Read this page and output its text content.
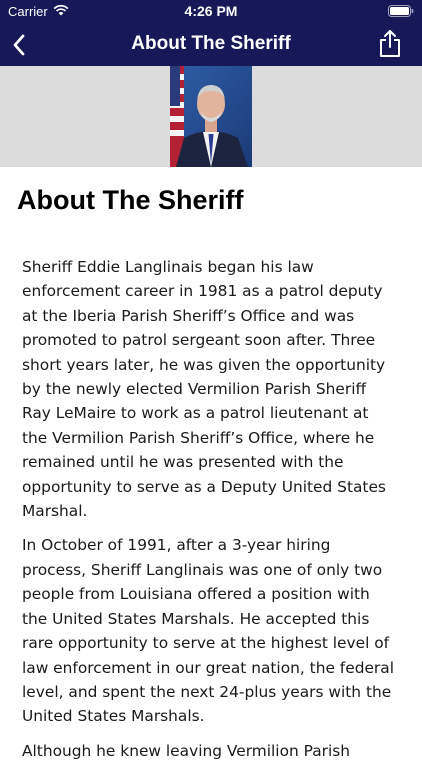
Carrier	4:26 PM
About The Sheriff
About The Sheriff

Sheriff Eddie Langlinais began his law enforcement career in 1981 as a patrol deputy at the Iberia Parish Sheriff’s Office and was promoted to patrol sergeant soon after. Three short years later, he was given the opportunity by the newly elected Vermilion Parish Sheriff Ray LeMaire to work as a patrol lieutenant at the Vermilion Parish Sheriff’s Office, where he remained until he was presented with the opportunity to serve as a Deputy United States Marshal.

In October of 1991, after a 3-year hiring process, Sheriff Langlinais was one of only two people from Louisiana offered a position with the United States Marshals. He accepted this rare opportunity to serve at the highest level of law enforcement in our great nation, the federal level, and spent the next 24-plus years with the United States Marshals.

Although he knew leaving Vermilion Parish
